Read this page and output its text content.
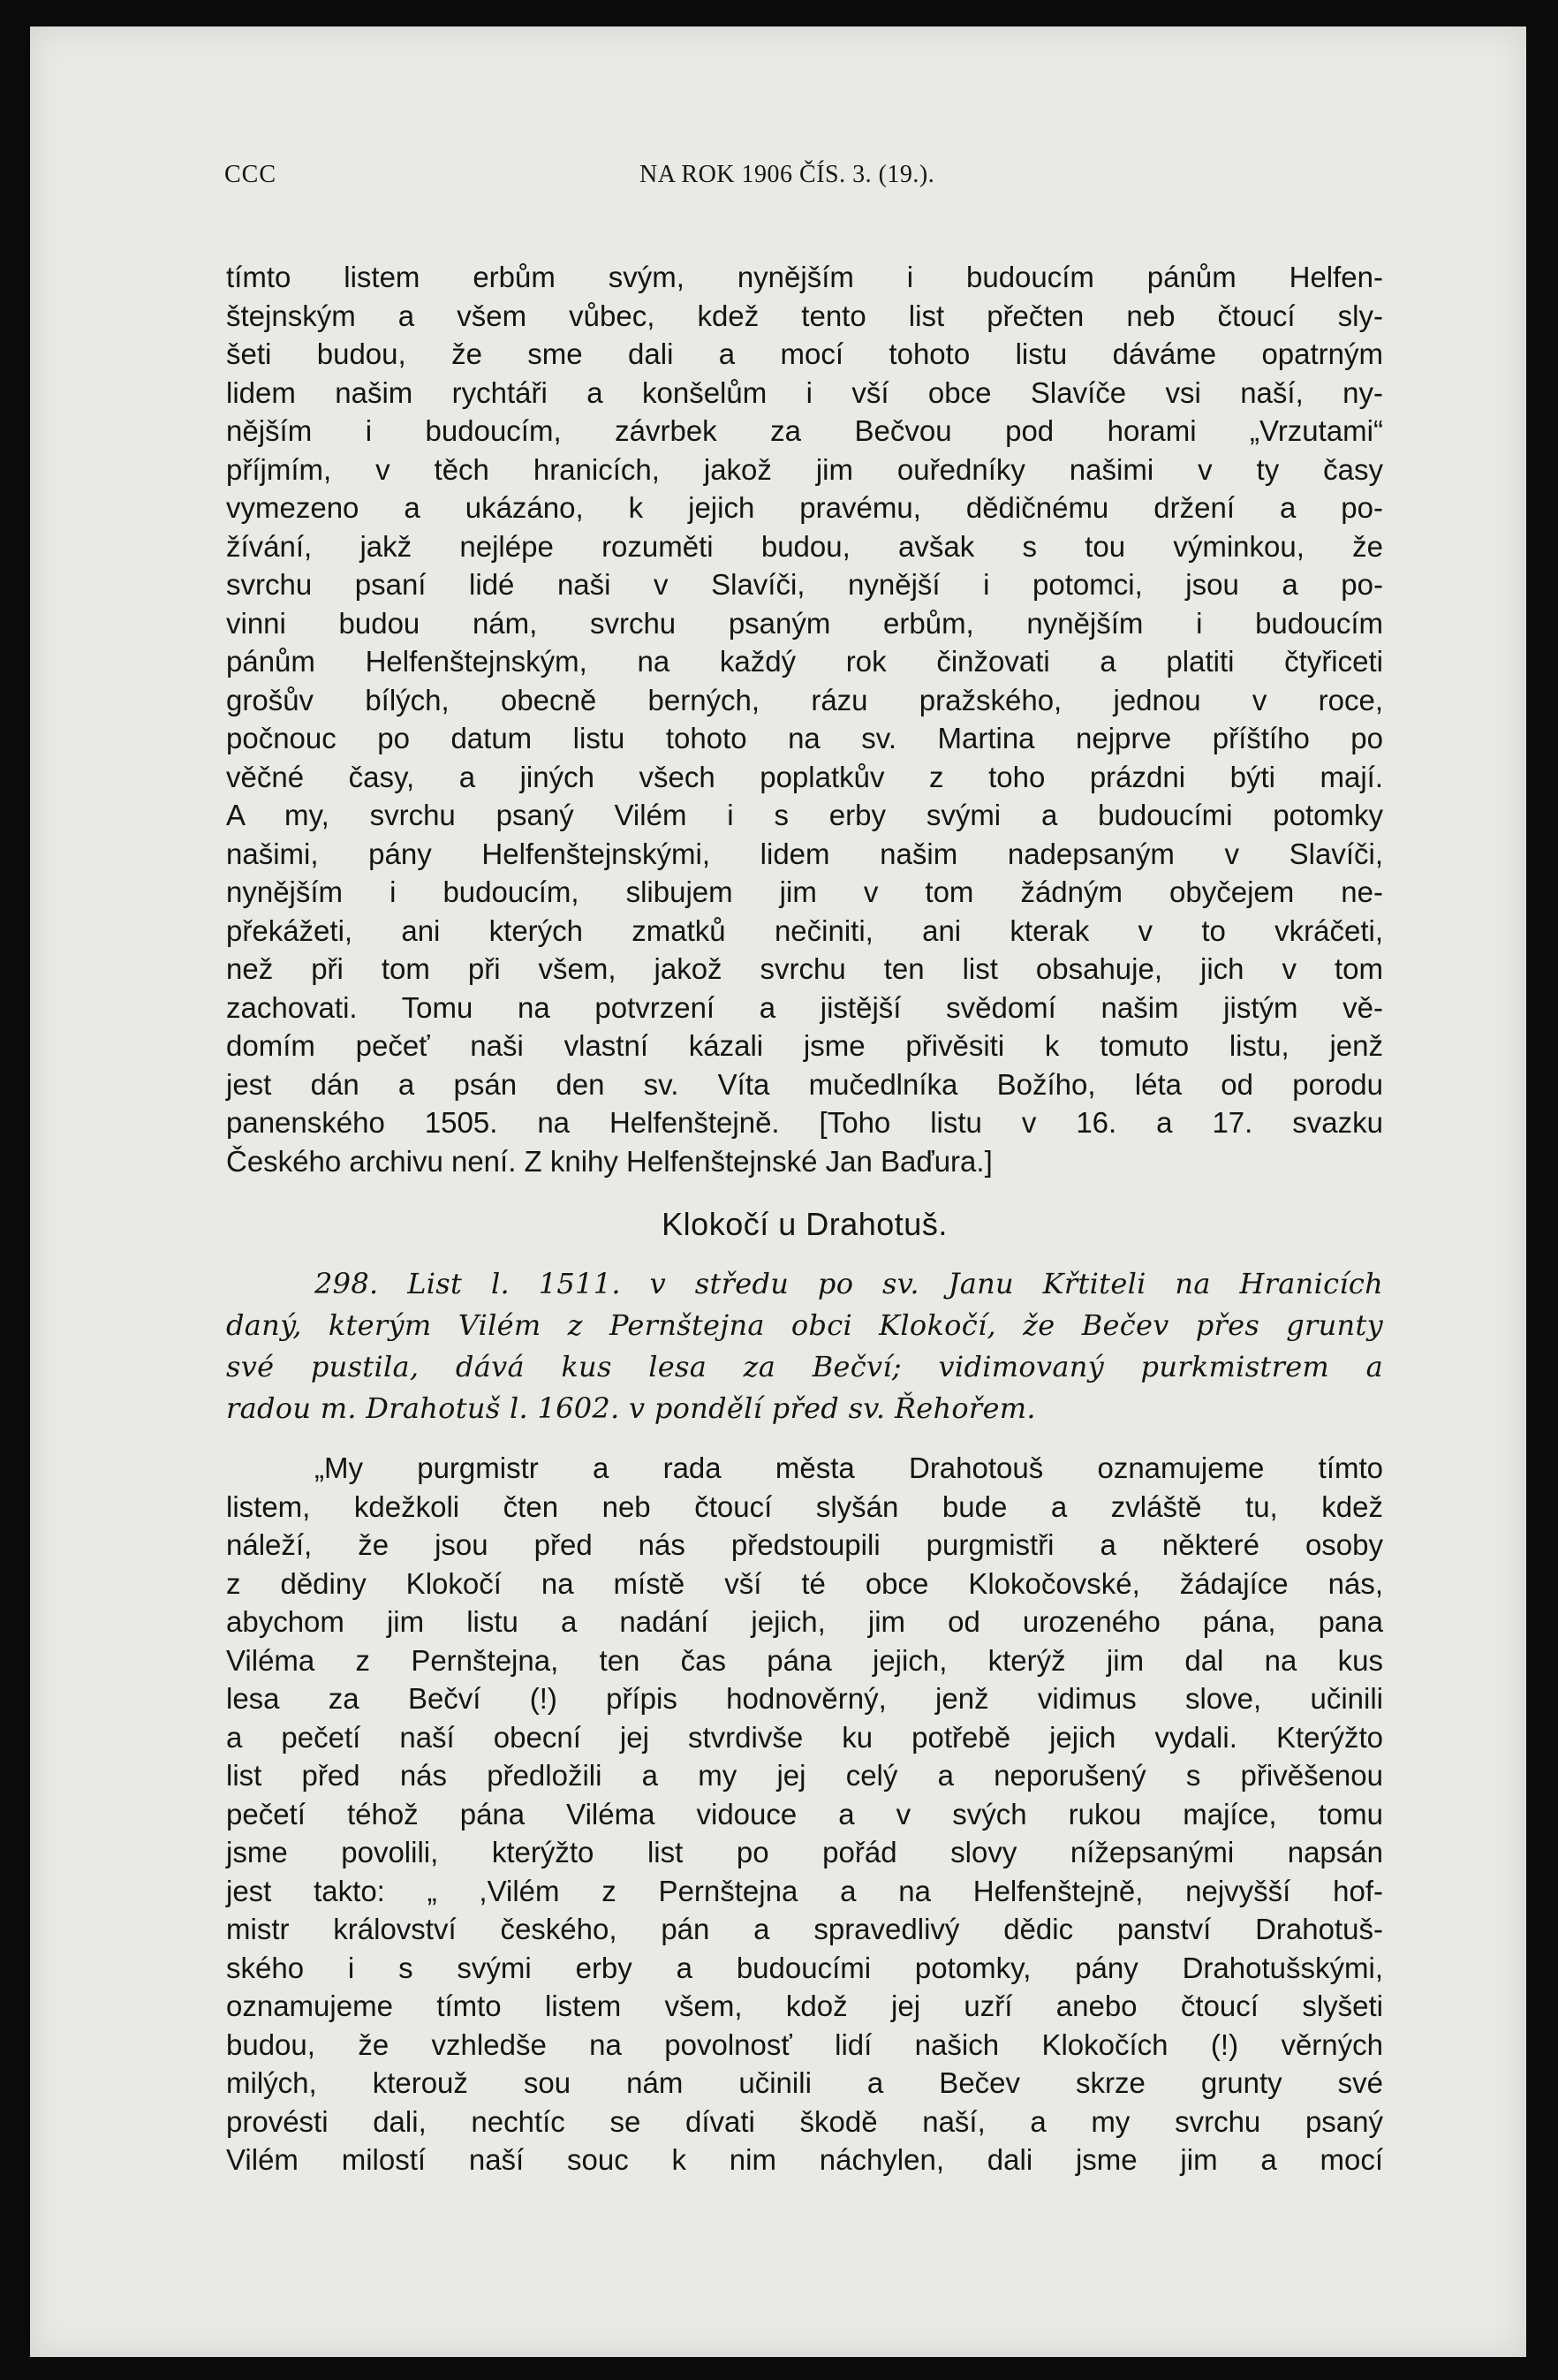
CCC	NA ROK 1906 ČÍS. 3. (19.).
tímto listem erbům svým, nynějším i budoucím pánům Helfen-
štejnským a všem vůbec, kdež tento list přečten neb čtoucí sly-
šeti budou, že sme dali a mocí tohoto listu dáváme opatrným
lidem našim rychtáři a konšelům i vší obce Slavíče vsi naší, ny-
nějším i budoucím, závrbek za Bečvou pod horami „Vrzutami“
příjmím, v těch hranicích, jakož jim ouředníky našimi v ty časy
vymezeno a ukázáno, k jejich pravému, dědičnému držení a po-
žívání, jakž nejlépe rozuměti budou, avšak s tou výminkou, že
svrchu psaní lidé naši v Slavíči, nynější i potomci, jsou a po-
vinni budou nám, svrchu psaným erbům, nynějším i budoucím
pánům Helfenštejnským, na každý rok činžovati a platiti čtyřiceti
grošův bílých, obecně berných, rázu pražského, jednou v roce,
počnouc po datum listu tohoto na sv. Martina nejprve příštího po
věčné časy, a jiných všech poplatkův z toho prázdni býti mají.
A my, svrchu psaný Vilém i s erby svými a budoucími potomky
našimi, pány Helfenštejnskými, lidem našim nadepsaným v Slavíči,
nynějším i budoucím, slibujem jim v tom žádným obyčejem ne-
překážeti, ani kterých zmatků nečiniti, ani kterak v to vkráčeti,
než při tom při všem, jakož svrchu ten list obsahuje, jich v tom
zachovati. Tomu na potvrzení a jistější svědomí našim jistým vě-
domím pečeť naši vlastní kázali jsme přivěsiti k tomuto listu, jenž
jest dán a psán den sv. Víta mučedlníka Božího, léta od porodu
panenského 1505. na Helfenštejně. [Toho listu v 16. a 17. svazku
Českého archivu není. Z knihy Helfenštejnské Jan Baďura.]
Klokočí u Drahotuš.
298. List l. 1511. v středu po sv. Janu Křtiteli na Hranicích
daný, kterým Vilém z Pernštejna obci Klokočí, že Bečev přes grunty
své pustila, dává kus lesa za Bečví; vidimovaný purkmistrem a
radou m. Drahotuš l. 1602. v pondělí před sv. Řehořem.
„My purgmistr a rada města Drahotouš oznamujeme tímto
listem, kdežkoli čten neb čtoucí slyšán bude a zvláště tu, kdež
náleží, že jsou před nás předstoupili purgmistři a některé osoby
z dědiny Klokočí na místě vší té obce Klokočovské, žádajíce nás,
abychom jim listu a nadání jejich, jim od urozeného pána, pana
Viléma z Pernštejna, ten čas pána jejich, kterýž jim dal na kus
lesa za Bečví (!) přípis hodnověrný, jenž vidimus slove, učinili
a pečetí naší obecní jej stvrdivše ku potřebě jejich vydali. Kterýžto
list před nás předložili a my jej celý a neporušený s přivěšenou
pečetí téhož pána Viléma vidouce a v svých rukou majíce, tomu
jsme povolili, kterýžto list po pořád slovy nížepsanými napsán
jest takto: „ ,Vilém z Pernštejna a na Helfenštejně, nejvyšší hof-
mistr království českého, pán a spravedlivý dědic panství Drahotuš-
ského i s svými erby a budoucími potomky, pány Drahotušskými,
oznamujeme tímto listem všem, kdož jej uzří anebo čtoucí slyšeti
budou, že vzhledše na povolnosť lidí našich Klokočích (!) věrných
milých, kterouž sou nám učinili a Bečev skrze grunty své
provésti dali, nechtíc se dívati škodě naší, a my svrchu psaný
Vilém milostí naší souc k nim náchylen, dali jsme jim a mocí
